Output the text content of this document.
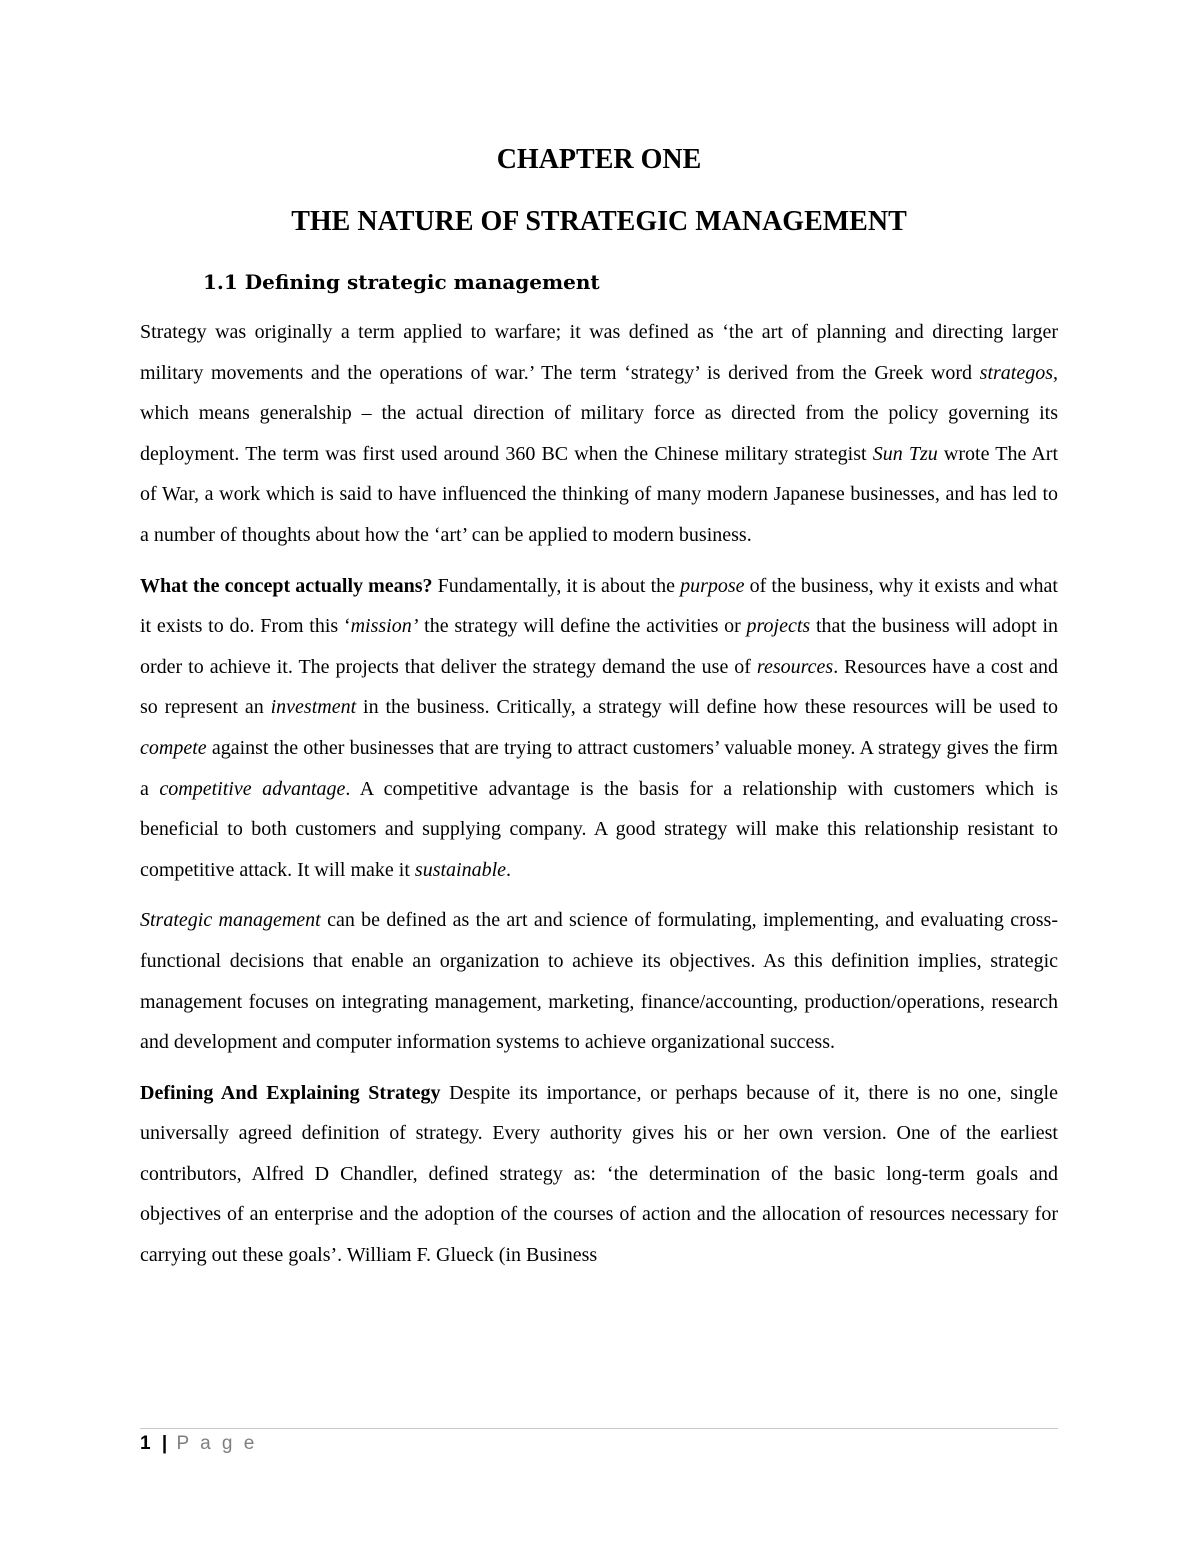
CHAPTER ONE
THE NATURE OF STRATEGIC MANAGEMENT
1.1 Defining strategic management

Strategy was originally a term applied to warfare; it was defined as ‘the art of planning and directing larger military movements and the operations of war.’ The term ‘strategy’ is derived from the Greek word strategos, which means generalship – the actual direction of military force as directed from the policy governing its deployment. The term was first used around 360 BC when the Chinese military strategist Sun Tzu wrote The Art of War, a work which is said to have influenced the thinking of many modern Japanese businesses, and has led to a number of thoughts about how the ‘art’ can be applied to modern business.

What the concept actually means? Fundamentally, it is about the purpose of the business, why it exists and what it exists to do. From this ‘mission’ the strategy will define the activities or projects that the business will adopt in order to achieve it. The projects that deliver the strategy demand the use of resources. Resources have a cost and so represent an investment in the business. Critically, a strategy will define how these resources will be used to compete against the other businesses that are trying to attract customers’ valuable money. A strategy gives the firm a competitive advantage. A competitive advantage is the basis for a relationship with customers which is beneficial to both customers and supplying company. A good strategy will make this relationship resistant to competitive attack. It will make it sustainable.

Strategic management can be defined as the art and science of formulating, implementing, and evaluating cross-functional decisions that enable an organization to achieve its objectives. As this definition implies, strategic management focuses on integrating management, marketing, finance/accounting, production/operations, research and development and computer information systems to achieve organizational success.

Defining And Explaining Strategy Despite its importance, or perhaps because of it, there is no one, single universally agreed definition of strategy. Every authority gives his or her own version. One of the earliest contributors, Alfred D Chandler, defined strategy as: ‘the determination of the basic long-term goals and objectives of an enterprise and the adoption of the courses of action and the allocation of resources necessary for carrying out these goals’. William F. Glueck (in Business

1 | P a g e
